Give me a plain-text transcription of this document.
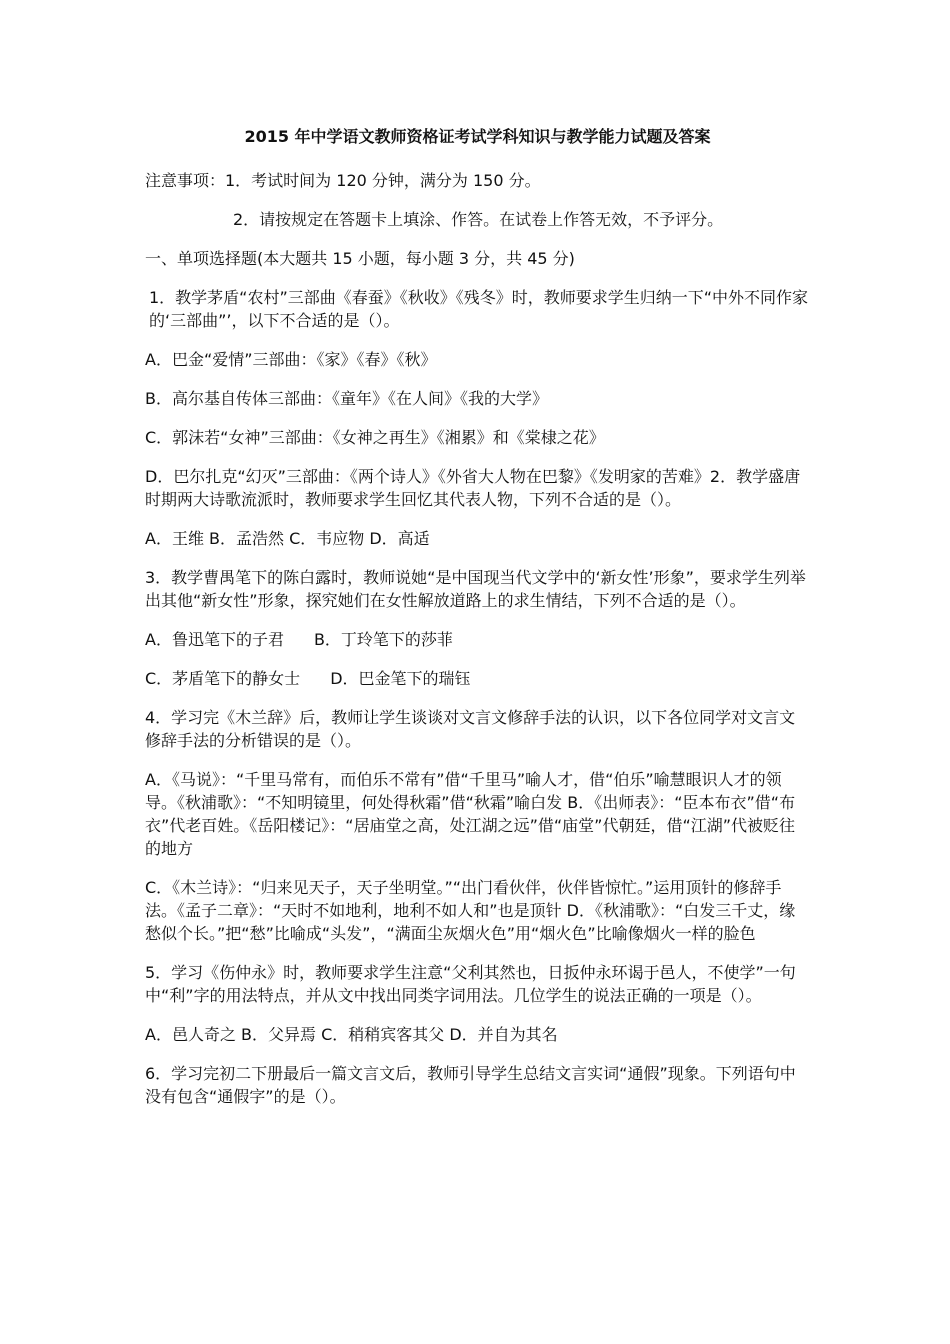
2015 年中学语文教师资格证考试学科知识与教学能力试题及答案
注意事项：1．考试时间为 120 分钟，满分为 150 分。
2．请按规定在答题卡上填涂、作答。在试卷上作答无效，不予评分。
一、单项选择题(本大题共 15 小题，每小题 3 分，共 45 分)
1．教学茅盾“农村”三部曲《春蚕》《秋收》《残冬》时，教师要求学生归纳一下“中外不同作家的‘三部曲”’，以下不合适的是（）。
A．巴金“爱情”三部曲：《家》《春》《秋》
B．高尔基自传体三部曲：《童年》《在人间》《我的大学》
C．郭沫若“女神”三部曲：《女神之再生》《湘累》和《棠棣之花》
D．巴尔扎克“幻灭”三部曲：《两个诗人》《外省大人物在巴黎》《发明家的苦难》2．教学盛唐时期两大诗歌流派时，教师要求学生回忆其代表人物，下列不合适的是（）。
A．王维 B．孟浩然 C．韦应物 D．高适
3．教学曹禺笔下的陈白露时，教师说她“是中国现当代文学中的‘新女性’形象”，要求学生列举出其他“新女性”形象，探究她们在女性解放道路上的求生情结，下列不合适的是（）。
A．鲁迅笔下的子君 B．丁玲笔下的莎菲
C．茅盾笔下的静女士 D．巴金笔下的瑞钰
4．学习完《木兰辞》后，教师让学生谈谈对文言文修辞手法的认识，以下各位同学对文言文修辞手法的分析错误的是（）。
A．《马说》：“千里马常有，而伯乐不常有”借“千里马”喻人才，借“伯乐”喻慧眼识人才的领导。《秋浦歌》：“不知明镜里，何处得秋霜”借“秋霜”喻白发 B．《出师表》：“臣本布衣”借“布衣”代老百姓。《岳阳楼记》：“居庙堂之高，处江湖之远”借“庙堂”代朝廷，借“江湖”代被贬往的地方
C．《木兰诗》：“归来见天子，天子坐明堂。”“出门看伙伴，伙伴皆惊忙。”运用顶针的修辞手法。《孟子二章》：“天时不如地利，地利不如人和”也是顶针 D．《秋浦歌》：“白发三千丈，缘愁似个长。”把“愁”比喻成“头发”，“满面尘灰烟火色”用“烟火色”比喻像烟火一样的脸色
5．学习《伤仲永》时，教师要求学生注意“父利其然也，日扳仲永环谒于邑人，不使学”一句中“利”字的用法特点，并从文中找出同类字词用法。几位学生的说法正确的一项是（）。
A．邑人奇之 B．父异焉 C．稍稍宾客其父 D．并自为其名
6．学习完初二下册最后一篇文言文后，教师引导学生总结文言实词“通假”现象。下列语句中没有包含“通假字”的是（）。
